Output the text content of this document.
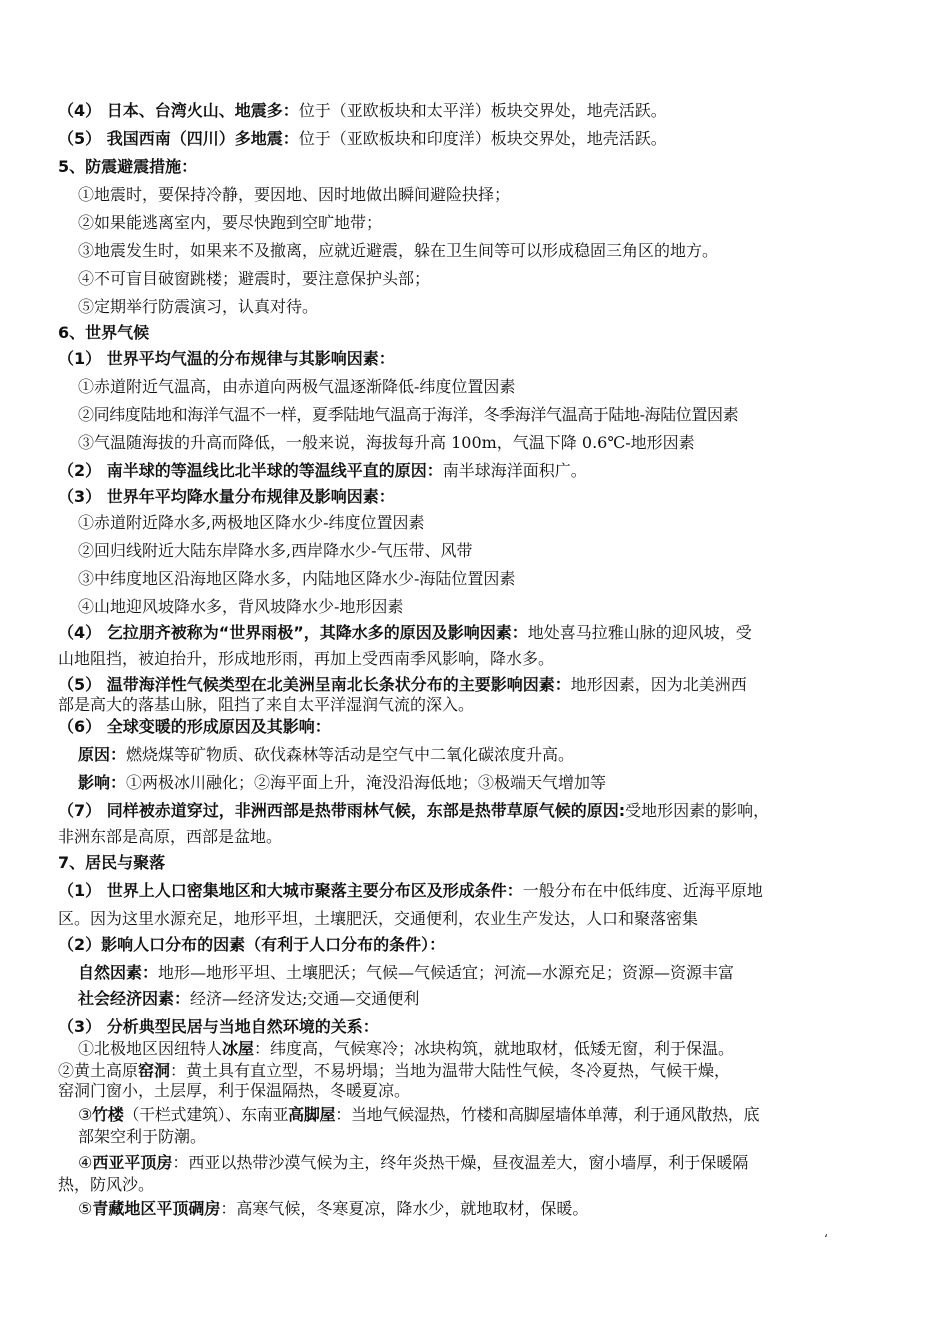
（4） 日本、台湾火山、地震多：位于（亚欧板块和太平洋）板块交界处，地壳活跃。
（5） 我国西南（四川）多地震：位于（亚欧板块和印度洋）板块交界处，地壳活跃。
5、防震避震措施：
①地震时，要保持冷静，要因地、因时地做出瞬间避险抉择；
②如果能逃离室内，要尽快跑到空旷地带；
③地震发生时，如果来不及撤离，应就近避震，躲在卫生间等可以形成稳固三角区的地方。
④不可盲目破窗跳楼；避震时，要注意保护头部；
⑤定期举行防震演习，认真对待。
6、世界气候
（1） 世界平均气温的分布规律与其影响因素：
①赤道附近气温高，由赤道向两极气温逐渐降低-纬度位置因素
②同纬度陆地和海洋气温不一样，夏季陆地气温高于海洋，冬季海洋气温高于陆地-海陆位置因素
③气温随海拔的升高而降低，一般来说，海拔每升高 100m，气温下降 0.6℃-地形因素
（2） 南半球的等温线比北半球的等温线平直的原因：南半球海洋面积广。
（3） 世界年平均降水量分布规律及影响因素：
①赤道附近降水多,两极地区降水少-纬度位置因素
②回归线附近大陆东岸降水多,西岸降水少-气压带、风带
③中纬度地区沿海地区降水多，内陆地区降水少-海陆位置因素
④山地迎风坡降水多，背风坡降水少-地形因素
（4） 乞拉朋齐被称为“世界雨极”，其降水多的原因及影响因素：地处喜马拉雅山脉的迎风坡，受
山地阻挡，被迫抬升，形成地形雨，再加上受西南季风影响，降水多。
（5） 温带海洋性气候类型在北美洲呈南北长条状分布的主要影响因素：地形因素，因为北美洲西
部是高大的落基山脉，阻挡了来自太平洋湿润气流的深入。
（6） 全球变暖的形成原因及其影响：
原因：燃烧煤等矿物质、砍伐森林等活动是空气中二氧化碳浓度升高。
影响：①两极冰川融化；②海平面上升，淹没沿海低地；③极端天气增加等
（7） 同样被赤道穿过，非洲西部是热带雨林气候，东部是热带草原气候的原因:受地形因素的影响，
非洲东部是高原，西部是盆地。
7、居民与聚落
（1） 世界上人口密集地区和大城市聚落主要分布区及形成条件：一般分布在中低纬度、近海平原地
区。因为这里水源充足，地形平坦，土壤肥沃，交通便利，农业生产发达，人口和聚落密集
（2）影响人口分布的因素（有利于人口分布的条件）：
自然因素：地形—地形平坦、土壤肥沃；气候—气候适宜；河流—水源充足；资源—资源丰富
社会经济因素：经济—经济发达;交通—交通便利
（3） 分析典型民居与当地自然环境的关系：
①北极地区因纽特人冰屋：纬度高，气候寒冷；冰块构筑，就地取材，低矮无窗，利于保温。
②黄土高原窑洞：黄土具有直立型，不易坍塌；当地为温带大陆性气候，冬冷夏热，气候干燥，
窑洞门窗小，土层厚，利于保温隔热，冬暖夏凉。
③竹楼（干栏式建筑）、东南亚高脚屋：当地气候湿热，竹楼和高脚屋墙体单薄，利于通风散热，底
部架空利于防潮。
④西亚平顶房：西亚以热带沙漠气候为主，终年炎热干燥，昼夜温差大，窗小墙厚，利于保暖隔
热，防风沙。
⑤青藏地区平顶碉房：高寒气候，冬寒夏凉，降水少，就地取材，保暖。
‘
